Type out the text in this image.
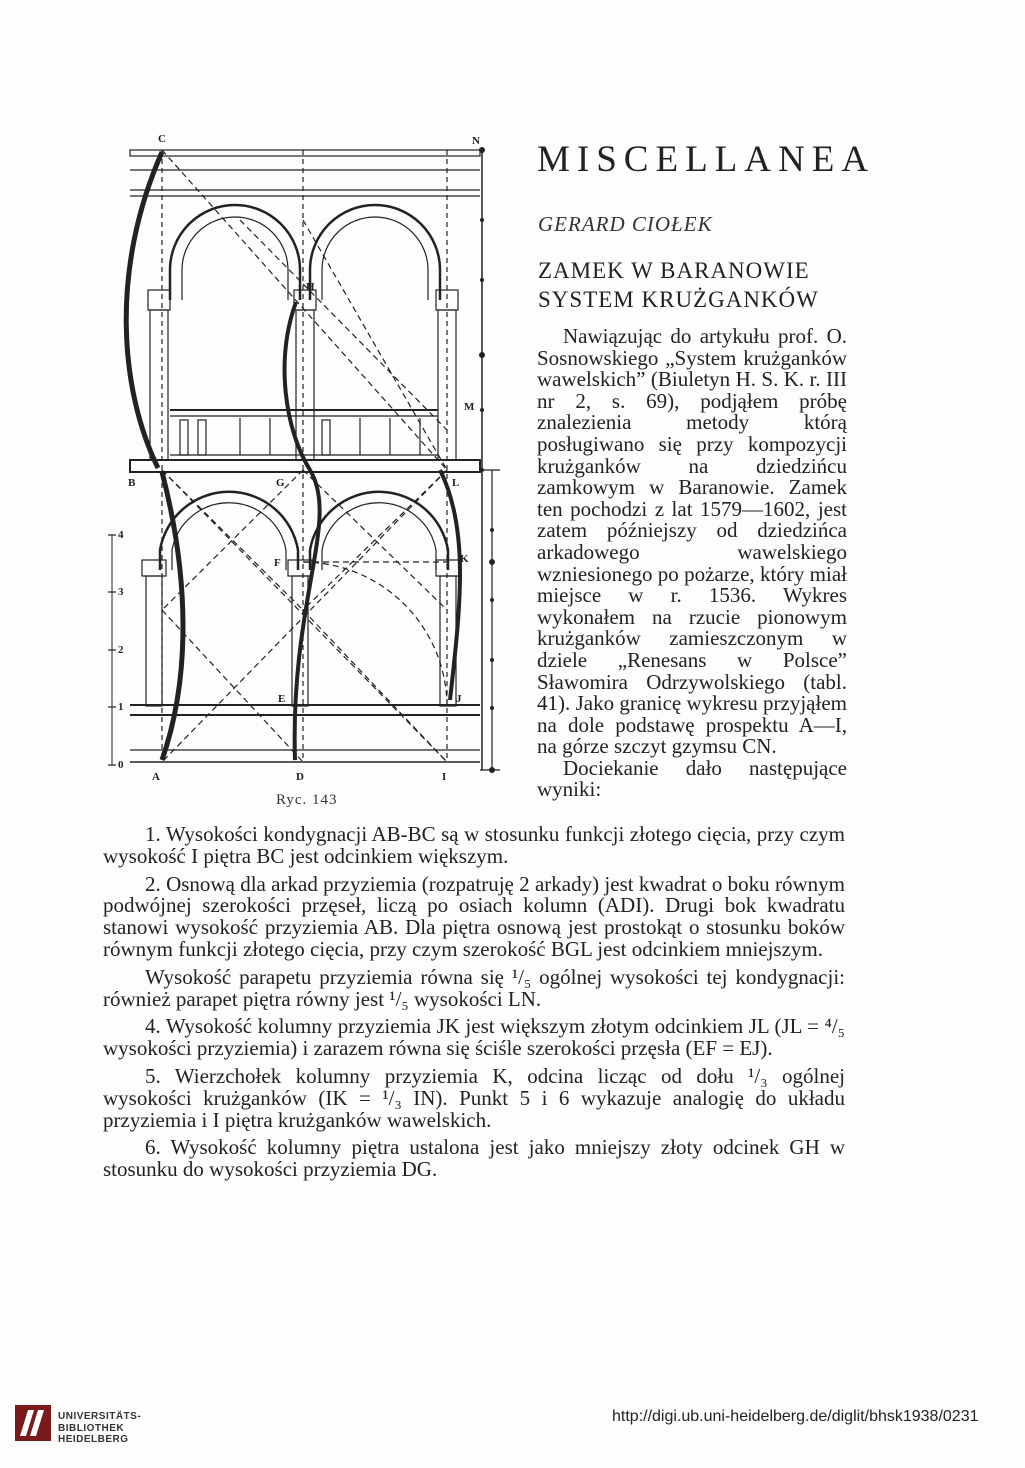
MISCELLANEA
GERARD CIOŁEK
ZAMEK W BARANOWIE
SYSTEM KRUŻGANKÓW

Nawiązując do artykułu prof. O. Sosnowskiego „System krużganków wawelskich” (Biuletyn H. S. K. r. III nr 2, s. 69), podjąłem próbę znalezienia metody którą posługiwano się przy kompozycji krużganków na dziedzińcu zamkowym w Baranowie. Zamek ten pochodzi z lat 1579—1602, jest zatem późniejszy od dziedzińca arkadowego wawelskiego wzniesionego po pożarze, który miał miejsce w r. 1536. Wykres wykonałem na rzucie pionowym krużganków zamieszczonym w dziele „Renesans w Polsce” Sławomira Odrzywolskiego (tabl. 41). Jako granicę wykresu przyjąłem na dole podstawę prospektu A—I, na górze szczyt gzymsu CN.

Dociekanie dało następujące wyniki:

C	N
H
M
B	G	L
F	K
E	J
A	D	I
4
3
2
1
0
Ryc. 143

1. Wysokości kondygnacji AB-BC są w stosunku funkcji złotego cięcia, przy czym wysokość I piętra BC jest odcinkiem większym.

2. Osnową dla arkad przyziemia (rozpatruję 2 arkady) jest kwadrat o boku równym podwójnej szerokości przęseł, liczą po osiach kolumn (ADI). Drugi bok kwadratu stanowi wysokość przyziemia AB. Dla piętra osnową jest prostokąt o stosunku boków równym funkcji złotego cięcia, przy czym szerokość BGL jest odcinkiem mniejszym.

Wysokość parapetu przyziemia równa się ¹/₅ ogólnej wysokości tej kondygnacji: również parapet piętra równy jest ¹/₅ wysokości LN.

4. Wysokość kolumny przyziemia JK jest większym złotym odcinkiem JL (JL = ⁴/₅ wysokości przyziemia) i zarazem równa się ściśle szerokości przęsła (EF = EJ).

5. Wierzchołek kolumny przyziemia K, odcina licząc od dołu ¹/₃ ogólnej wysokości krużganków (IK = ¹/₃ IN). Punkt 5 i 6 wykazuje analogię do układu przyziemia i I piętra krużganków wawelskich.

6. Wysokość kolumny piętra ustalona jest jako mniejszy złoty odcinek GH w stosunku do wysokości przyziemia DG.

UNIVERSITÄTS-
BIBLIOTHEK
HEIDELBERG
http://digi.ub.uni-heidelberg.de/diglit/bhsk1938/0231
